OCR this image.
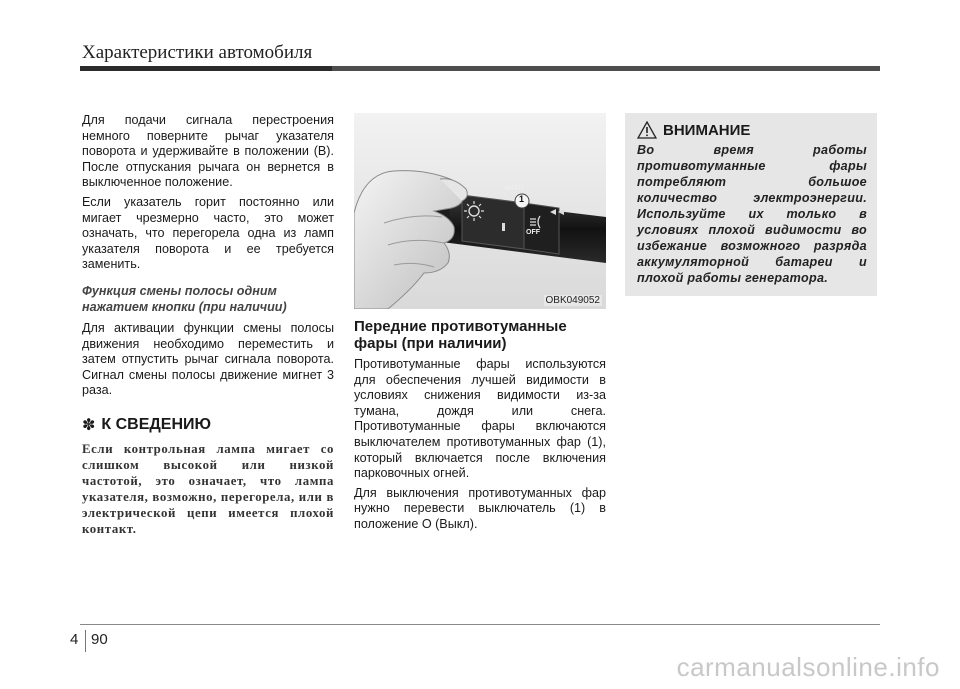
Характеристики автомобиля

Для подачи сигнала перестроения немного поверните рычаг указателя поворота и удерживайте в положении (B). После отпускания рычага он вернется в выключенное положение.

Если указатель горит постоянно или мигает чрезмерно часто, это может означать, что перегорела одна из ламп указателя поворота и ее требуется заменить.

Функция смены полосы одним нажатием кнопки (при наличии)

Для активации функции смены полосы движения необходимо переместить и затем отпустить рычаг сигнала поворота. Сигнал смены полосы движение мигнет 3 раза.

✽ К СВЕДЕНИЮ
Если контрольная лампа мигает со слишком высокой или низкой частотой, это означает, что лампа указателя, возможно, перегорела, или в электрической цепи имеется плохой контакт.
AUTO
OFF
1
OBK049052
Передние противотуманные фары (при наличии)

Противотуманные фары используются для обеспечения лучшей видимости в условиях снижения видимости из-за тумана, дождя или снега. Противотуманные фары включаются выключателем противотуманных фар (1), который включается после включения парковочных огней.

Для выключения противотуманных фар нужно перевести выключатель (1) в положение O (Выкл).

ВНИМАНИЕ
Во время работы противотуманные фары потребляют большое количество электроэнергии. Используйте их только в условиях плохой видимости во избежание возможного разряда аккумуляторной батареи и плохой работы генератора.
4 90
carmanualsonline.info
